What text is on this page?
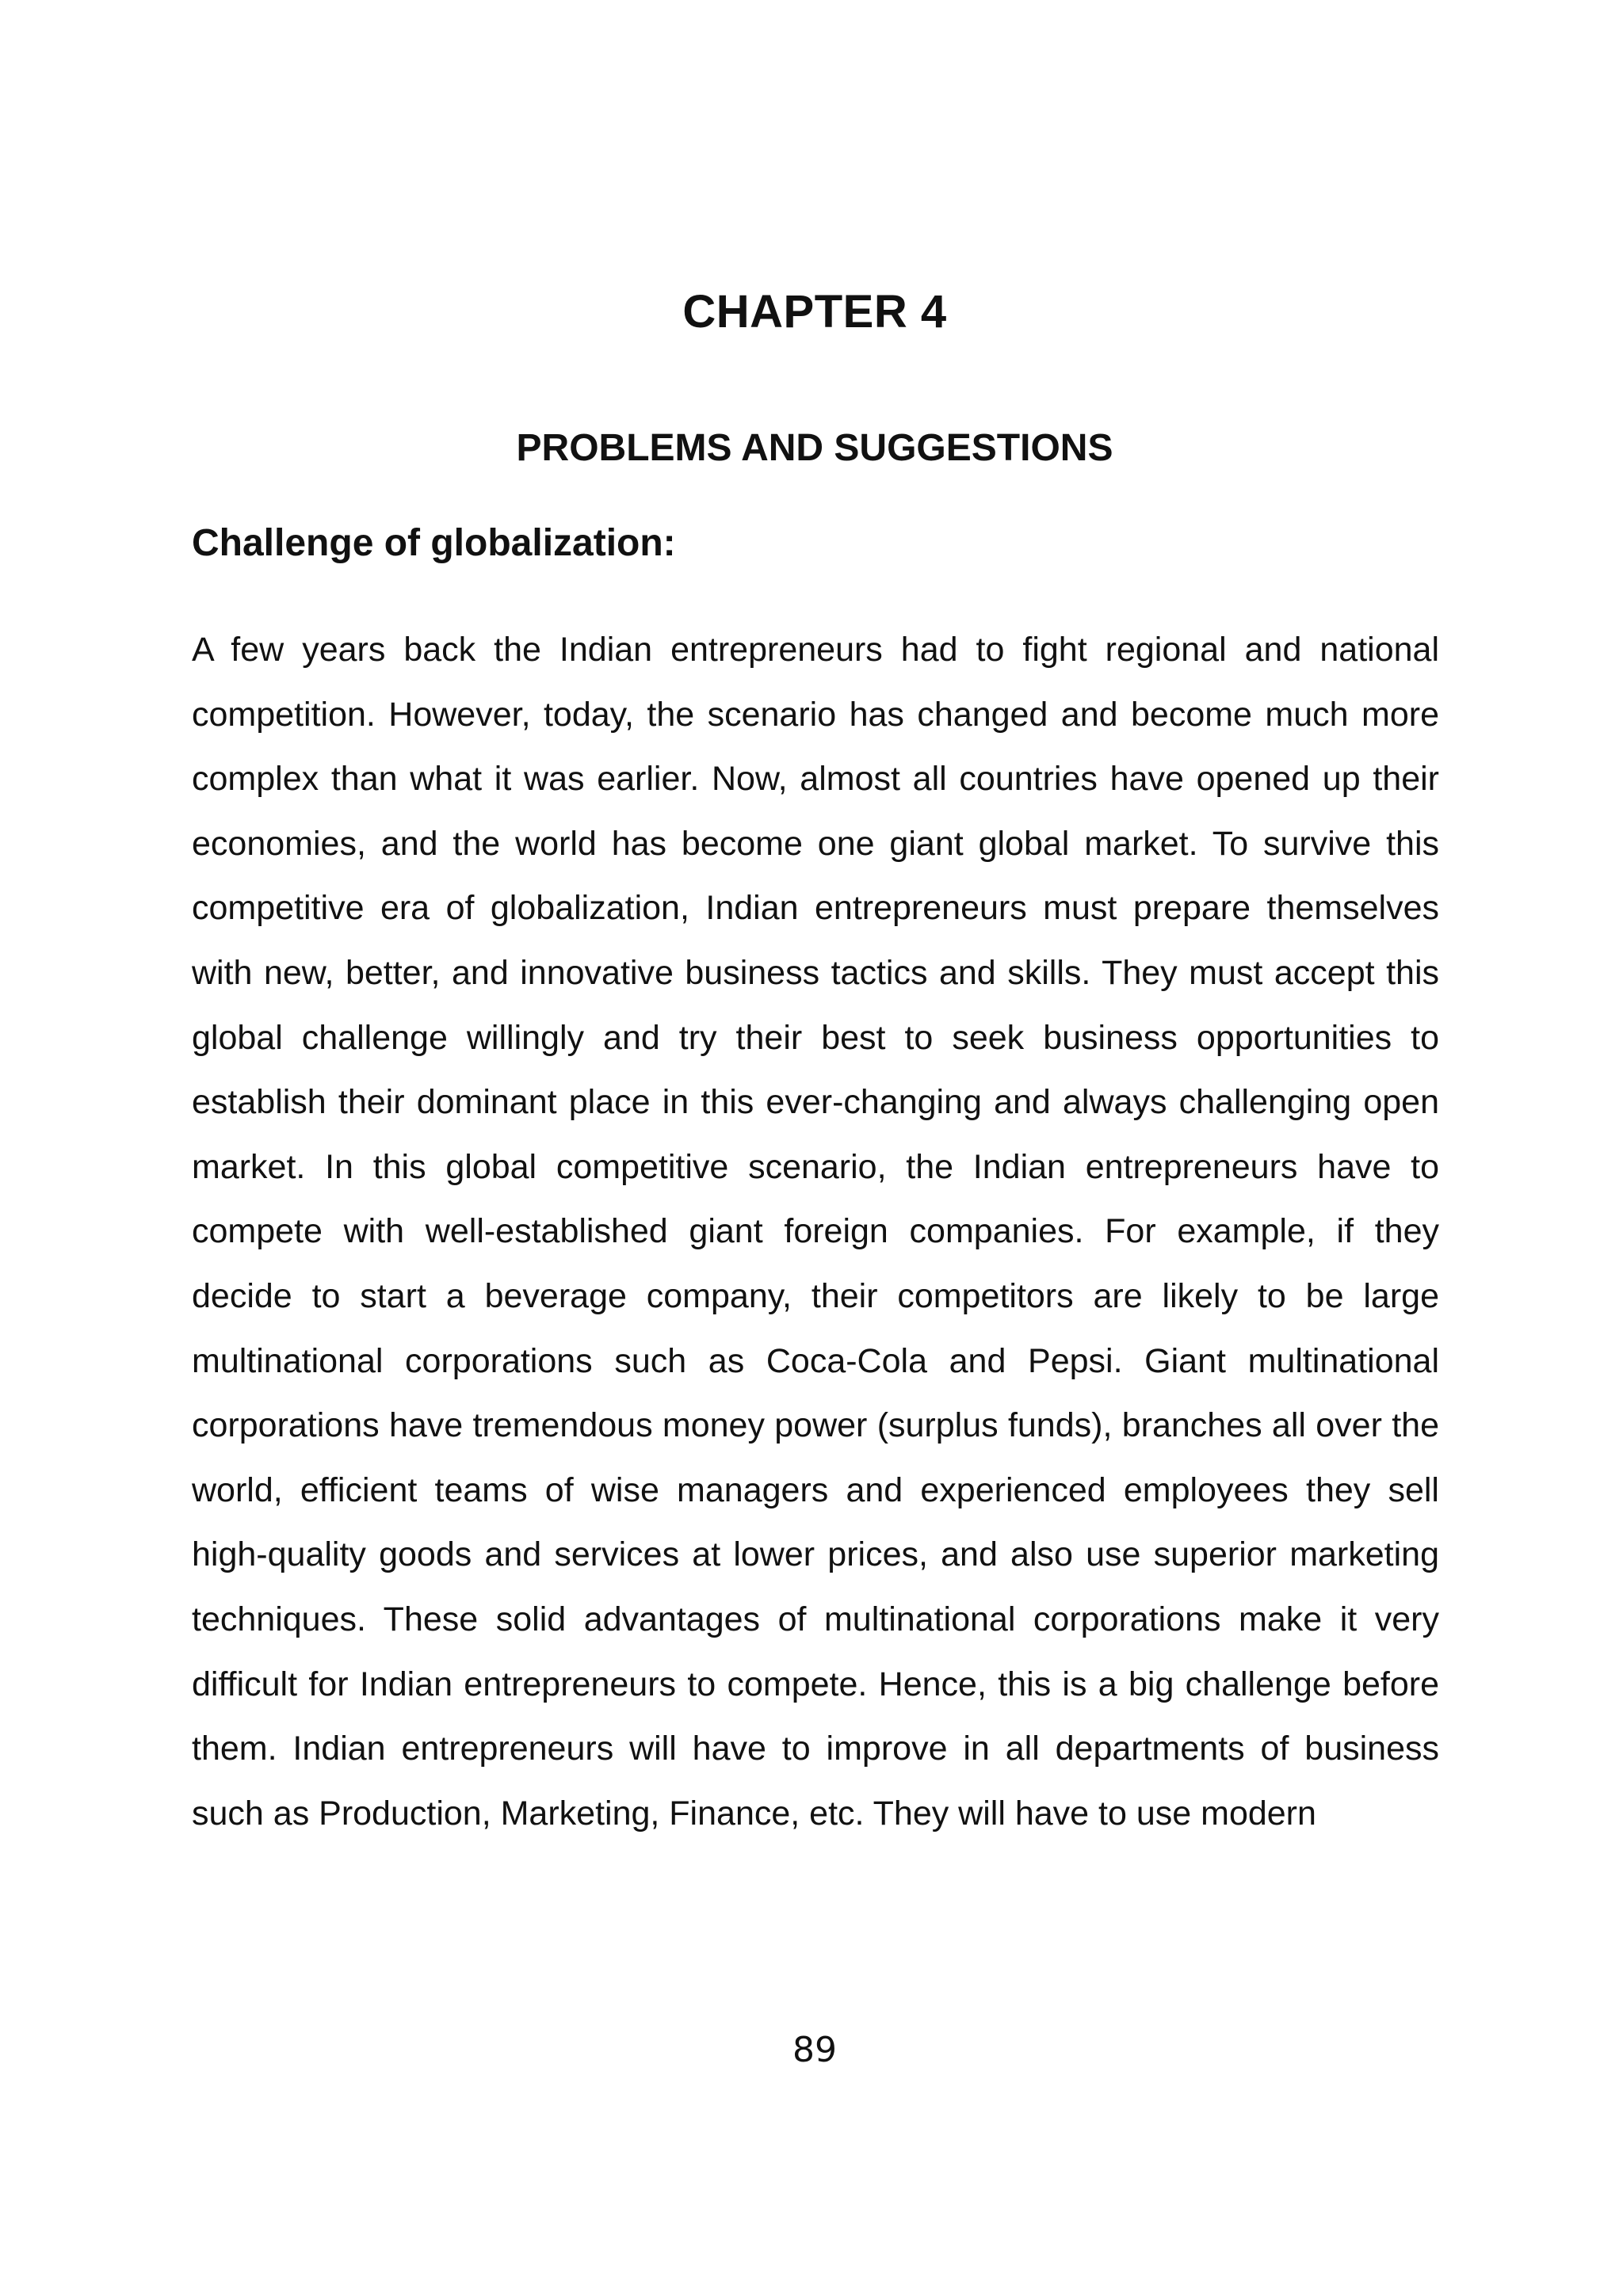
CHAPTER 4
PROBLEMS AND SUGGESTIONS
Challenge of globalization:

A few years back the Indian entrepreneurs had to fight regional and national competition. However, today, the scenario has changed and become much more complex than what it was earlier. Now, almost all countries have opened up their economies, and the world has become one giant global market. To survive this competitive era of globalization, Indian entrepreneurs must prepare themselves with new, better, and innovative business tactics and skills. They must accept this global challenge willingly and try their best to seek business opportunities to establish their dominant place in this ever-changing and always challenging open market. In this global competitive scenario, the Indian entrepreneurs have to compete with well-established giant foreign companies. For example, if they decide to start a beverage company, their competitors are likely to be large multinational corporations such as Coca-Cola and Pepsi. Giant multinational corporations have tremendous money power (surplus funds), branches all over the world, efficient teams of wise managers and experienced employees they sell high-quality goods and services at lower prices, and also use superior marketing techniques. These solid advantages of multinational corporations make it very difficult for Indian entrepreneurs to compete. Hence, this is a big challenge before them. Indian entrepreneurs will have to improve in all departments of business such as Production, Marketing, Finance, etc. They will have to use modern

89
